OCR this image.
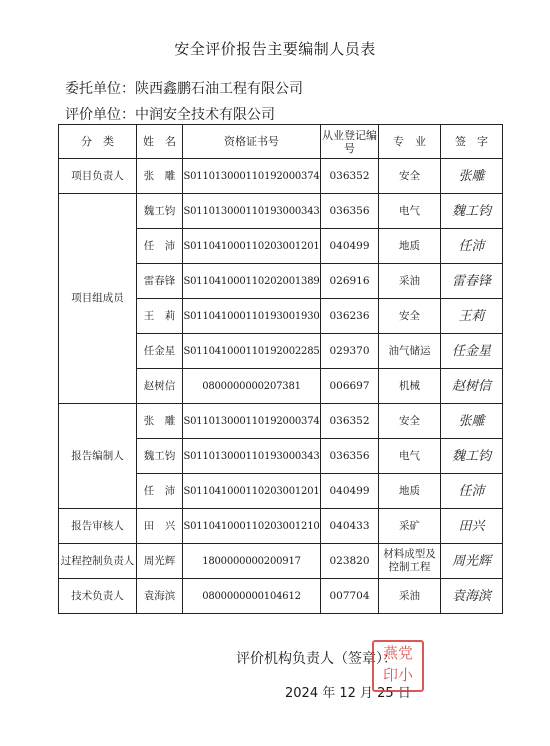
安全评价报告主要编制人员表
委托单位：陕西鑫鹏石油工程有限公司
评价单位：中润安全技术有限公司
分　类	姓　名	资格证书号	从业登记编号	专　业	签　字
项目负责人	张　雕	S011013000110192000374	036352	安全	张雕
项目组成员	魏工钧	S011013000110193000343	036356	电气	魏工钧
	任　沛	S011041000110203001201	040499	地质	任沛
	雷春锋	S011041000110202001389	026916	采油	雷春锋
	王　莉	S011041000110193001930	036236	安全	王莉
	任金星	S011041000110192002285	029370	油气储运	任金星
	赵树信	0800000000207381	006697	机械	赵树信
报告编制人	张　雕	S011013000110192000374	036352	安全	张雕
	魏工钧	S011013000110193000343	036356	电气	魏工钧
	任　沛	S011041000110203001201	040499	地质	任沛
报告审核人	田　兴	S011041000110203001210	040433	采矿	田兴
过程控制负责人	周光辉	1800000000200917	023820	材料成型及控制工程	周光辉
技术负责人	袁海滨	0800000000104612	007704	采油	袁海滨
评价机构负责人（签章）：
2024 年 12 月 25 日
燕党
印小
